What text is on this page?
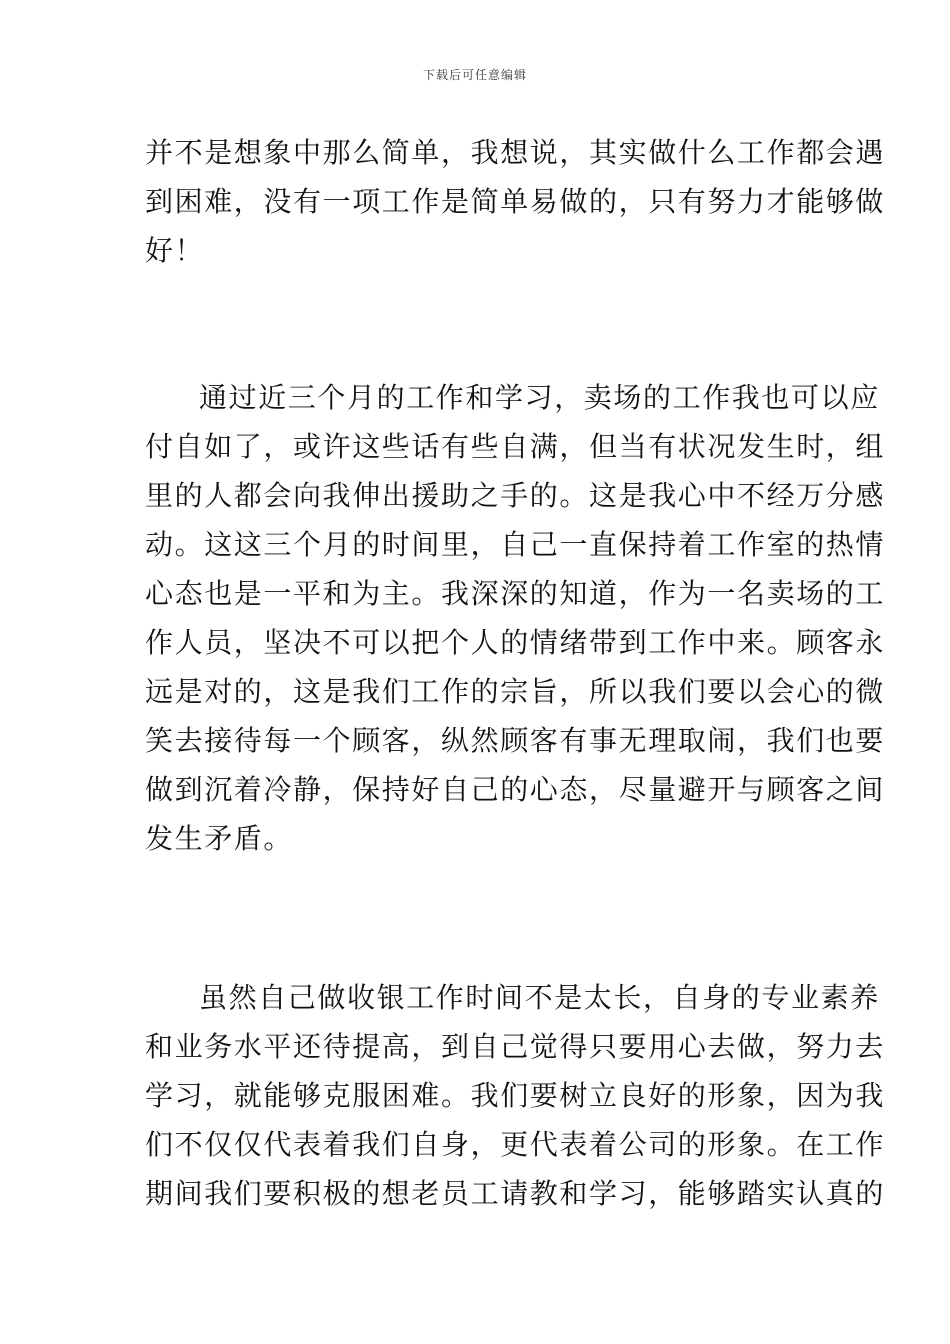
下载后可任意编辑
并不是想象中那么简单，我想说，其实做什么工作都会遇
到困难，没有一项工作是简单易做的，只有努力才能够做
好！
通过近三个月的工作和学习，卖场的工作我也可以应
付自如了，或许这些话有些自满，但当有状况发生时，组
里的人都会向我伸出援助之手的。这是我心中不经万分感
动。这这三个月的时间里，自己一直保持着工作室的热情
心态也是一平和为主。我深深的知道，作为一名卖场的工
作人员，坚决不可以把个人的情绪带到工作中来。顾客永
远是对的，这是我们工作的宗旨，所以我们要以会心的微
笑去接待每一个顾客，纵然顾客有事无理取闹，我们也要
做到沉着冷静，保持好自己的心态，尽量避开与顾客之间
发生矛盾。
虽然自己做收银工作时间不是太长，自身的专业素养
和业务水平还待提高，到自己觉得只要用心去做，努力去
学习，就能够克服困难。我们要树立良好的形象，因为我
们不仅仅代表着我们自身，更代表着公司的形象。在工作
期间我们要积极的想老员工请教和学习，能够踏实认真的
